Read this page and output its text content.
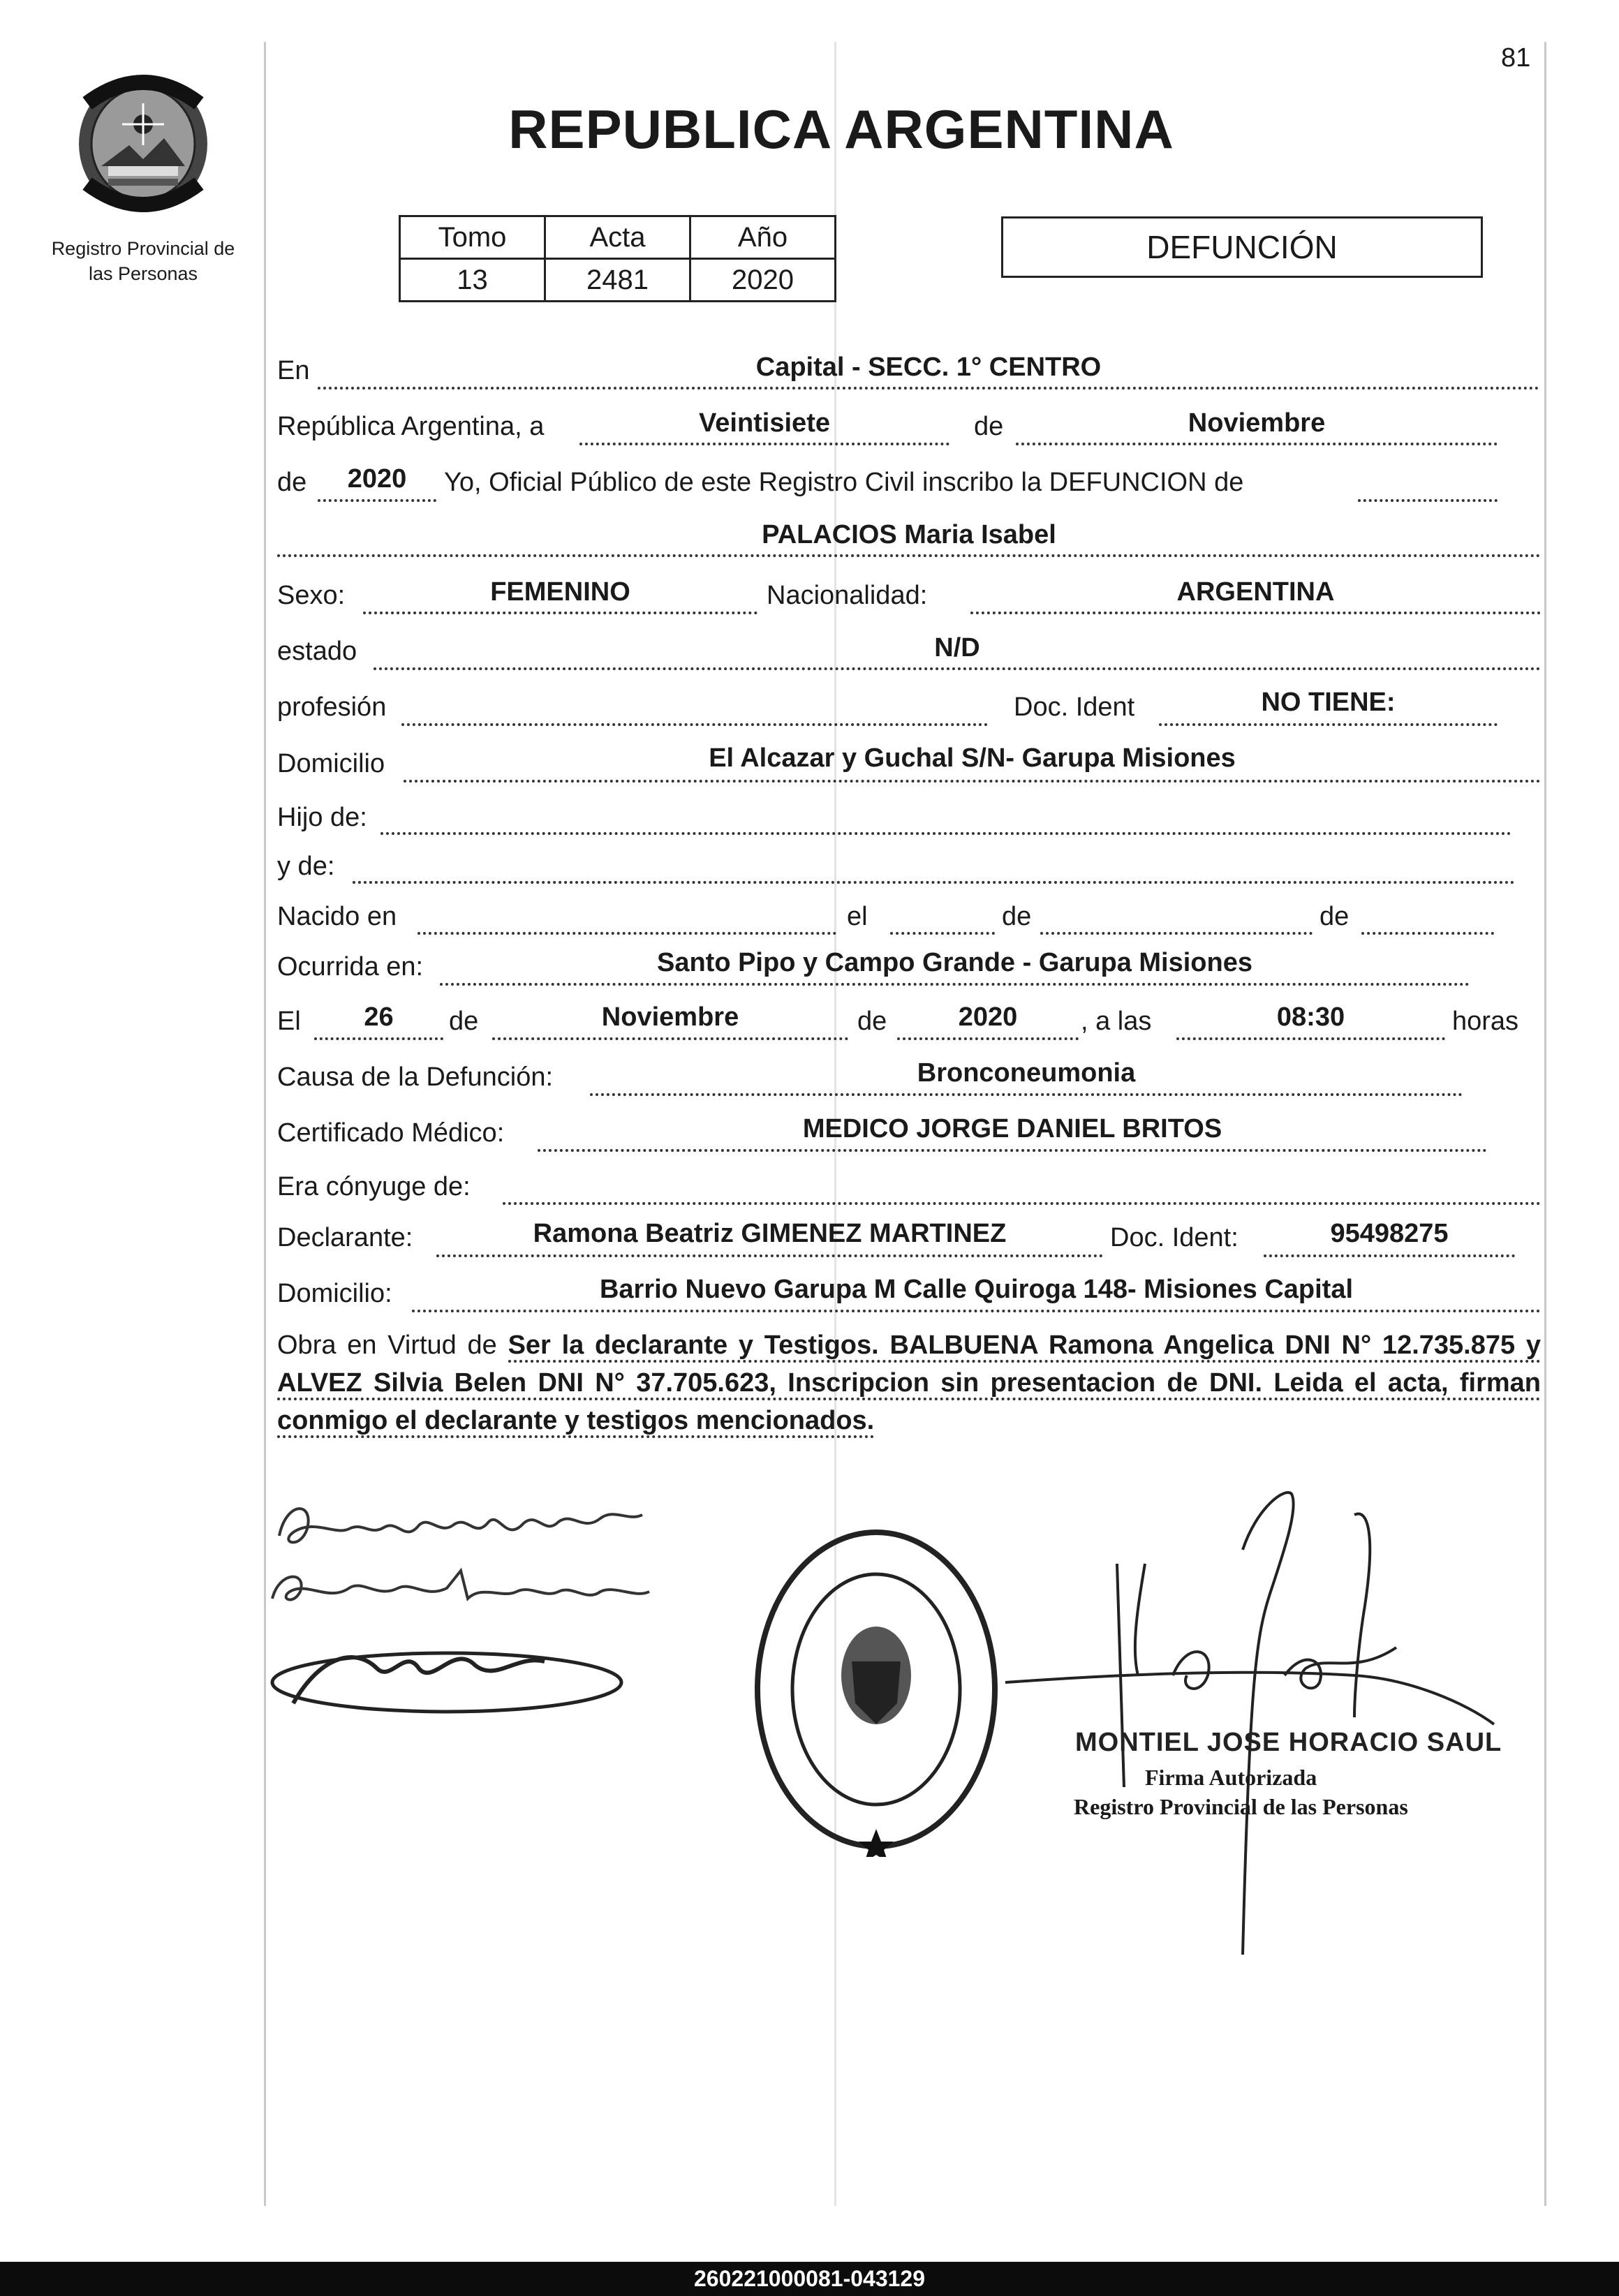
81
Registro Provincial de
las Personas
REPUBLICA ARGENTINA
Tomo	Acta	Año
13	2481	2020
DEFUNCIÓN
En	Capital - SECC. 1° CENTRO
República Argentina, a	Veintisiete	de	Noviembre
de	2020	Yo, Oficial Público de este Registro Civil inscribo la DEFUNCION de
PALACIOS Maria Isabel
Sexo:	FEMENINO	Nacionalidad:	ARGENTINA
estado	N/D
profesión	Doc. Ident	NO TIENE:
Domicilio	El Alcazar y Guchal S/N- Garupa Misiones
Hijo de:
y de:
Nacido en	el	de	de
Ocurrida en:	Santo Pipo y Campo Grande - Garupa Misiones
El	26	de	Noviembre	de	2020	, a las	08:30	horas
Causa de la Defunción:	Bronconeumonia
Certificado Médico:	MEDICO JORGE DANIEL BRITOS
Era cónyuge de:
Declarante:	Ramona Beatriz GIMENEZ MARTINEZ	Doc. Ident:	95498275
Domicilio:	Barrio Nuevo Garupa M Calle Quiroga 148- Misiones Capital
Obra en Virtud de Ser la declarante y Testigos. BALBUENA Ramona Angelica DNI N° 12.735.875 y ALVEZ Silvia Belen DNI N° 37.705.623, Inscripcion sin presentacion de DNI. Leida el acta, firman conmigo el declarante y testigos mencionados.
MONTIEL JOSE HORACIO SAUL
Firma Autorizada
Registro Provincial de las Personas
260221000081-043129
